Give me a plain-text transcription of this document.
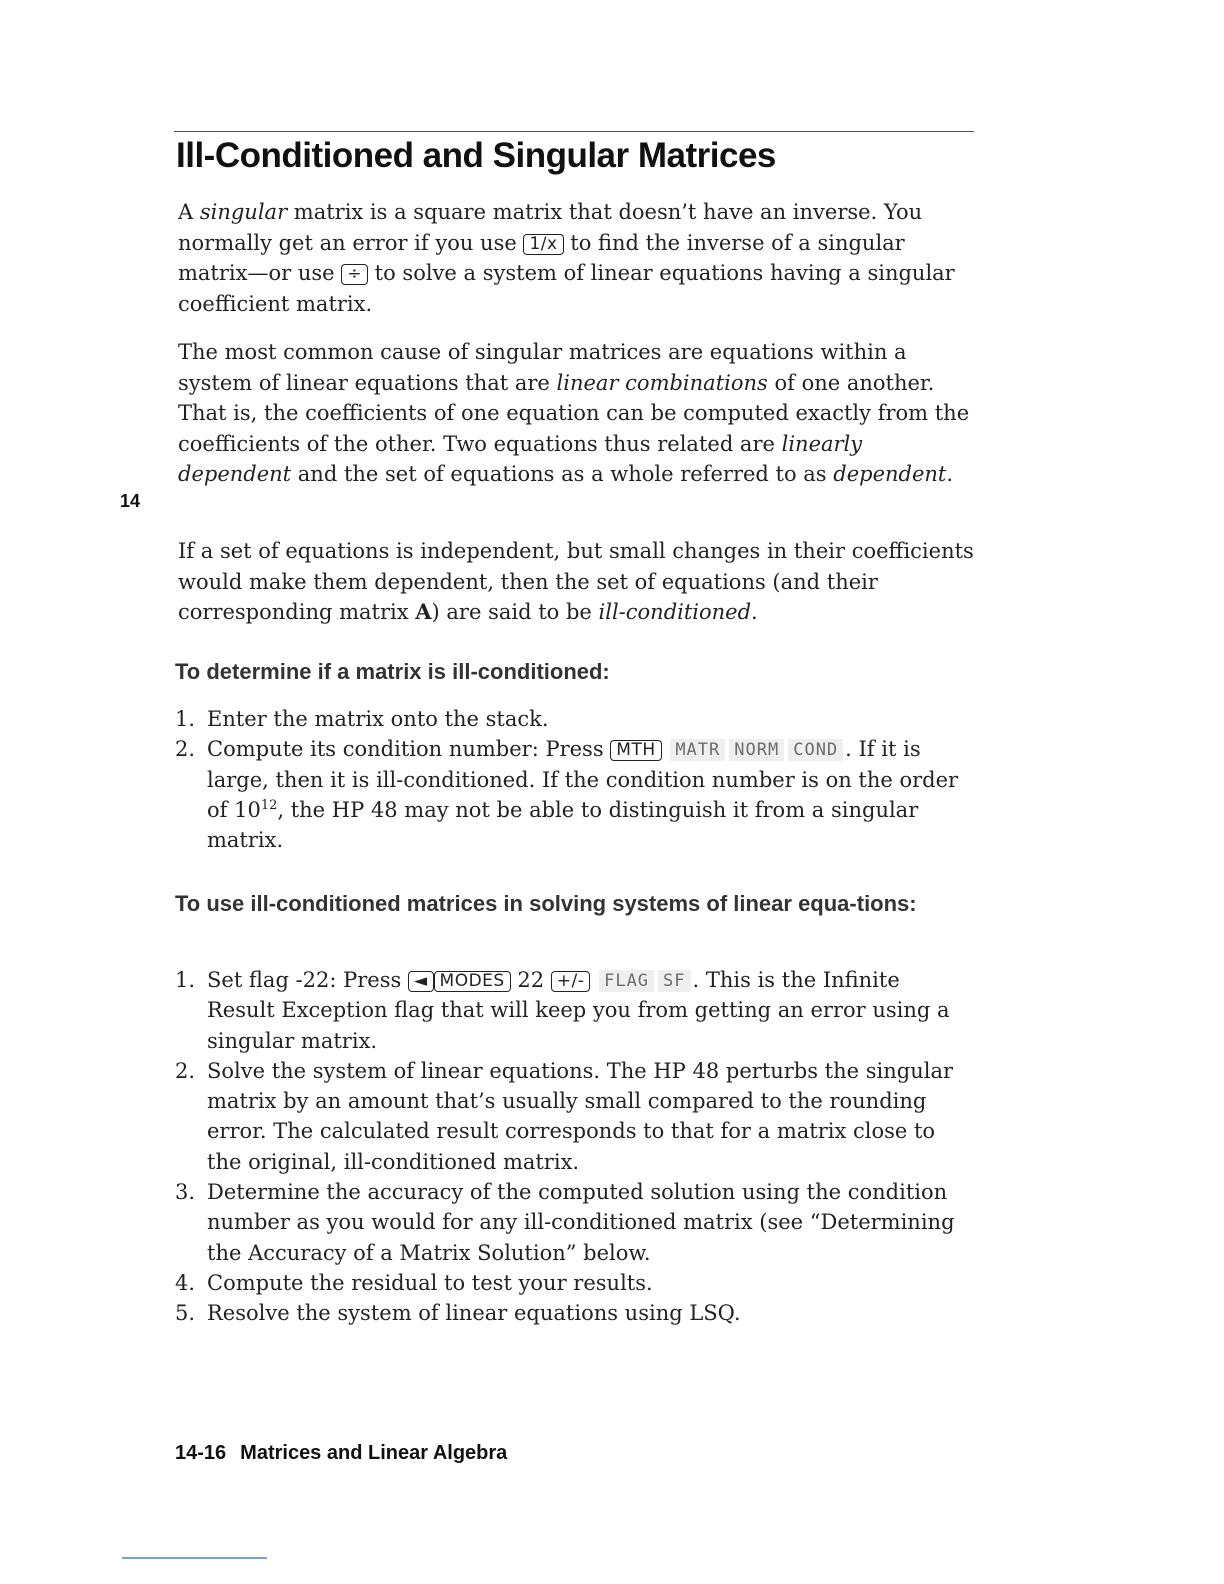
Ill-Conditioned and Singular Matrices
14

A singular matrix is a square matrix that doesn’t have an inverse. You normally get an error if you use 1/x to find the inverse of a singular matrix—or use ÷ to solve a system of linear equations having a singular coefficient matrix.

The most common cause of singular matrices are equations within a system of linear equations that are linear combinations of one another. That is, the coefficients of one equation can be computed exactly from the coefficients of the other. Two equations thus related are linearly dependent and the set of equations as a whole referred to as dependent.

If a set of equations is independent, but small changes in their coefficients would make them dependent, then the set of equations (and their corresponding matrix A) are said to be ill-conditioned.

To determine if a matrix is ill-conditioned:
1. Enter the matrix onto the stack.
2. Compute its condition number: Press MTH MATR NORM COND . If it is large, then it is ill-conditioned. If the condition number is on the order of $10^{12}$, the HP 48 may not be able to distinguish it from a singular matrix.
To use ill-conditioned matrices in solving systems of linear equa-tions:
1. Set flag -22: Press ◄ MODES 22 +/- FLAG SF . This is the Infinite Result Exception flag that will keep you from getting an error using a singular matrix.
2. Solve the system of linear equations. The HP 48 perturbs the singular matrix by an amount that’s usually small compared to the rounding error. The calculated result corresponds to that for a matrix close to the original, ill-conditioned matrix.
3. Determine the accuracy of the computed solution using the condition number as you would for any ill-conditioned matrix (see “Determining the Accuracy of a Matrix Solution” below.
4. Compute the residual to test your results.
5. Resolve the system of linear equations using LSQ.
14-16 Matrices and Linear Algebra
